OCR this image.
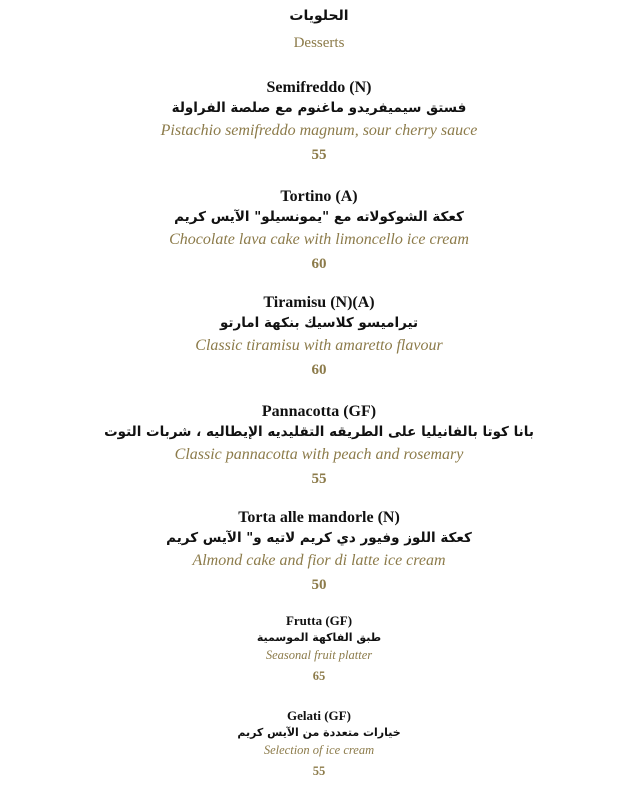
الحلويات
Desserts
Semifreddo (N)
فستق سيميفريدو ماغنوم مع صلصة الفراولة
Pistachio semifreddo magnum, sour cherry sauce
55
Tortino (A)
كعكة الشوكولاته مع "يمونسيلو" الآيس كريم
Chocolate lava cake with limoncello ice cream
60
Tiramisu (N)(A)
تيراميسو كلاسيك بنكهة امارتو
Classic tiramisu with amaretto flavour
60
Pannacotta (GF)
بانا كوتا بالفانيليا على الطريقه التقليديه الإيطاليه ، شربات التوت
Classic pannacotta with peach and rosemary
55
Torta alle mandorle (N)
كعكة اللوز وفيور دي كريم لاتيه و" الآيس كريم
Almond cake and fior di latte ice cream
50
Frutta (GF)
طبق الفاكهة الموسمية
Seasonal fruit platter
65
Gelati (GF)
خيارات متعددة من الآيس كريم
Selection of ice cream
55
